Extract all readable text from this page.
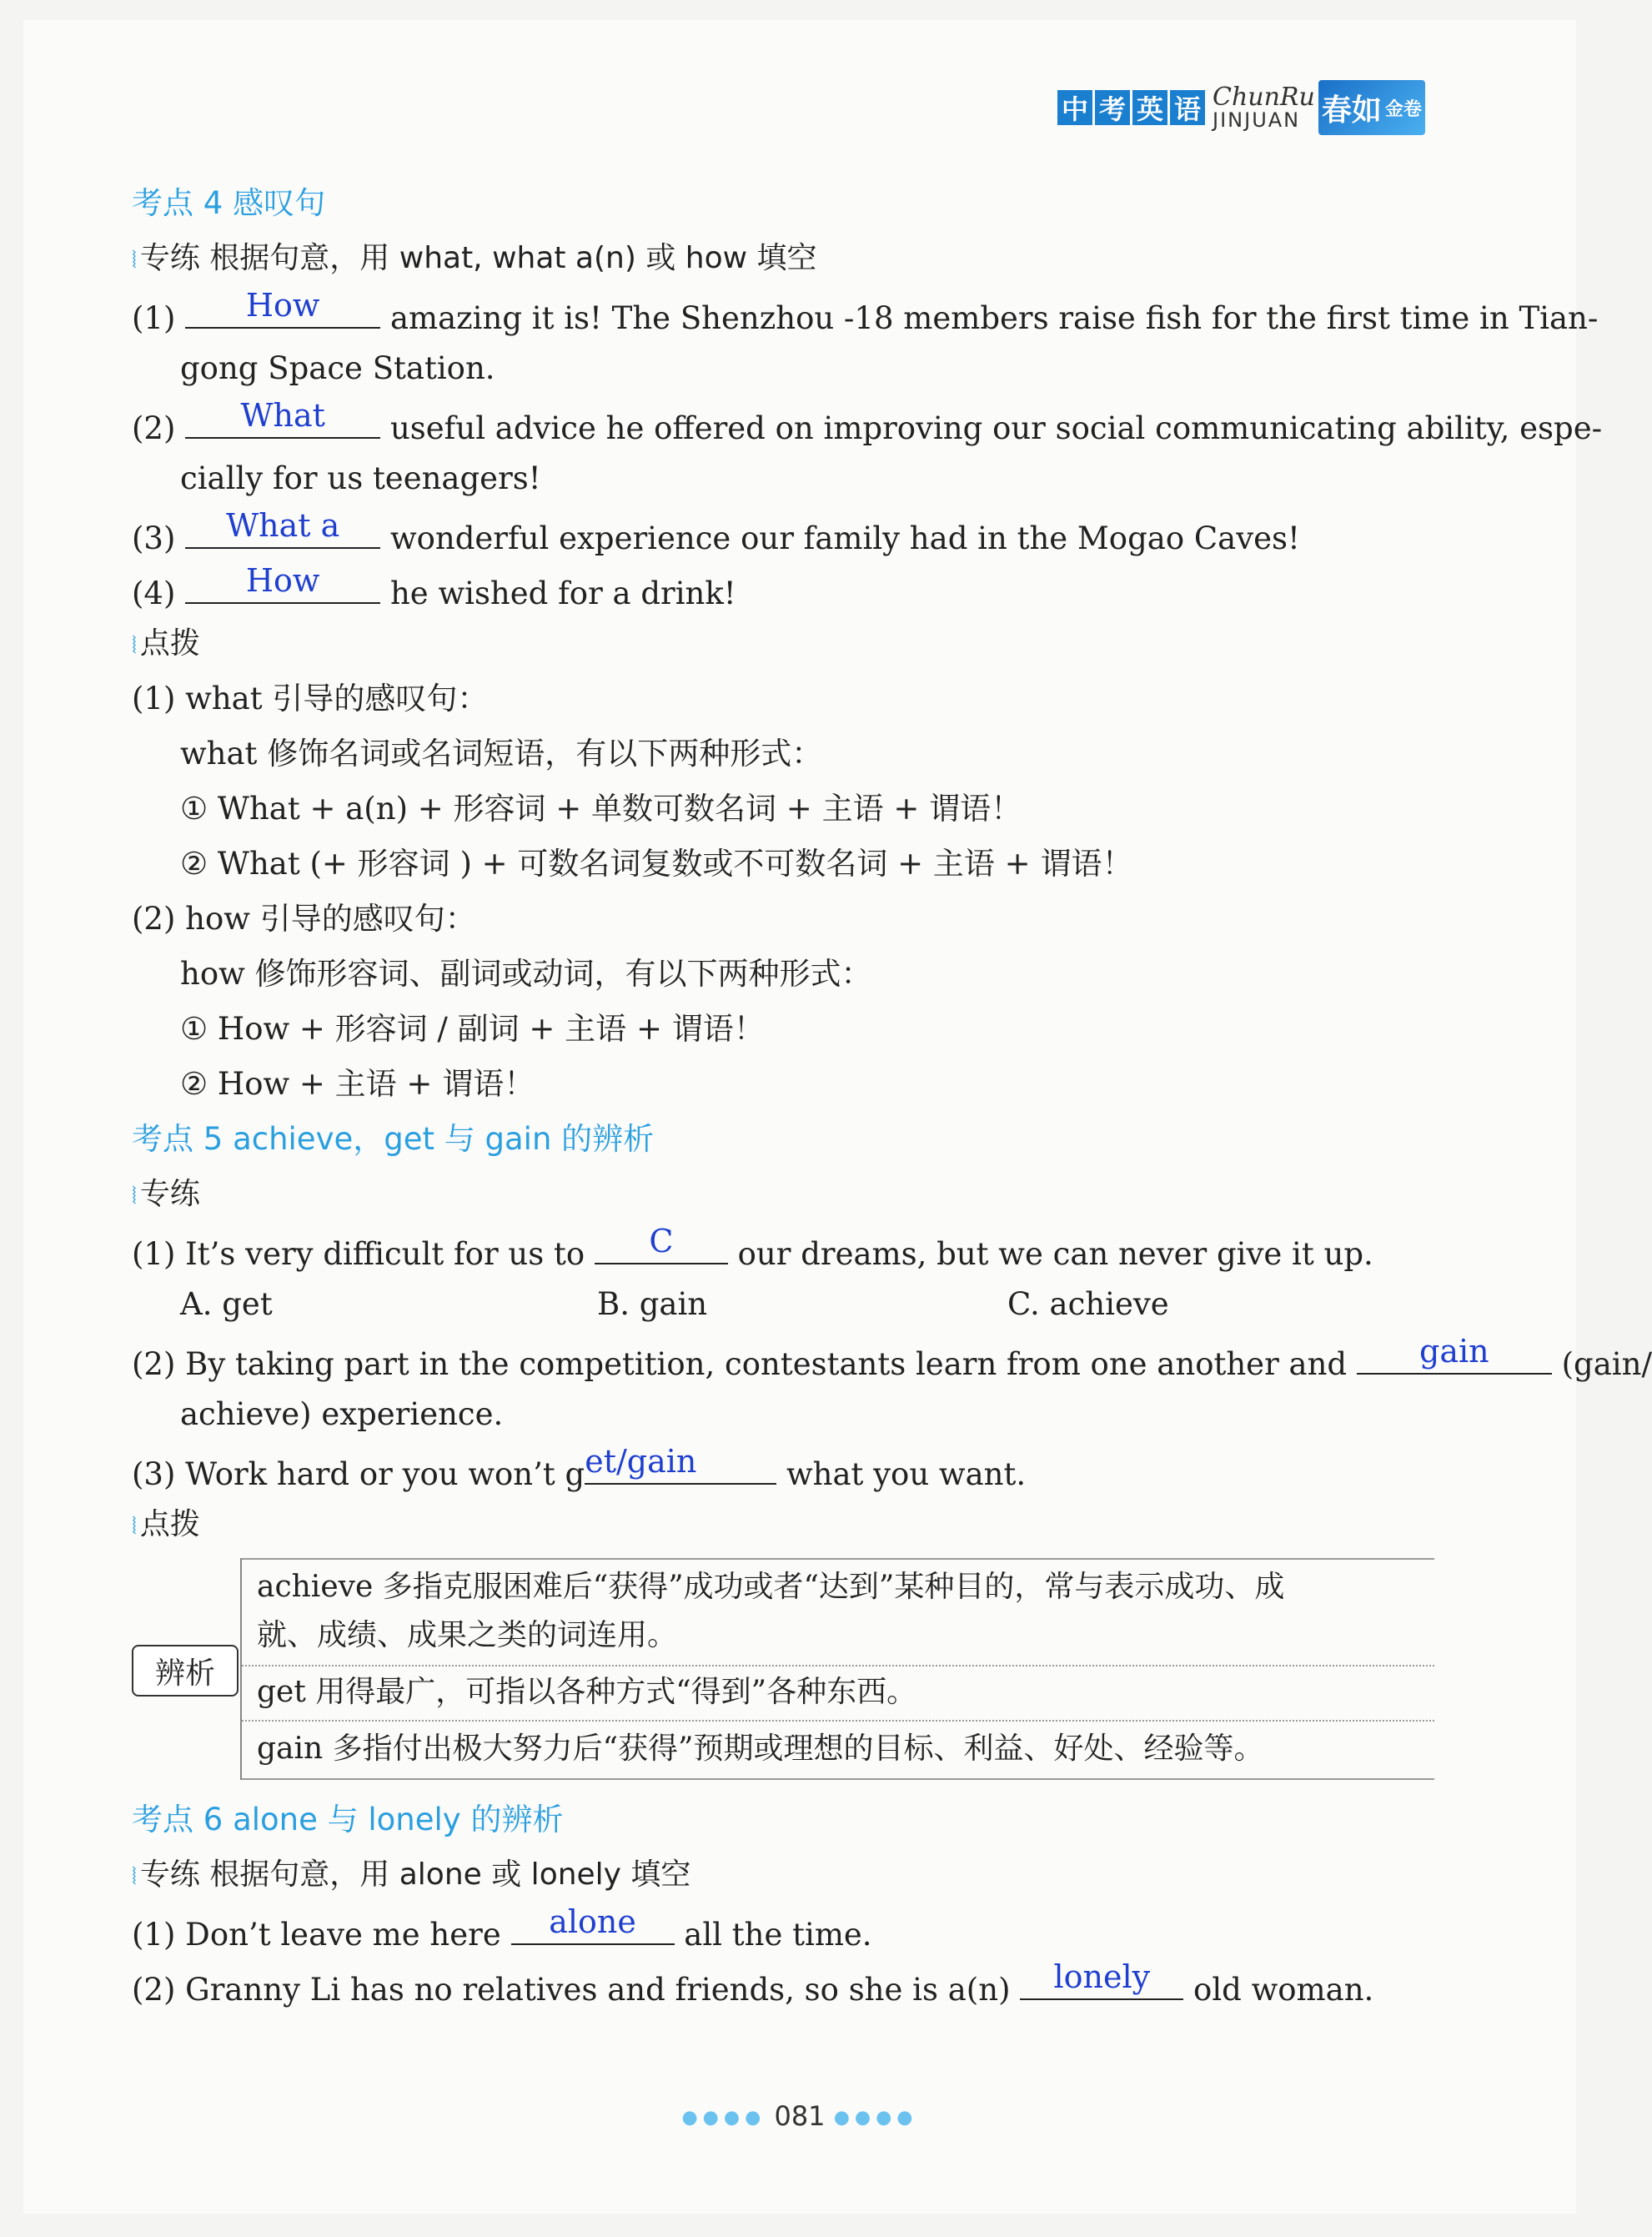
中 考 英 语 ChunRu
JINJUAN 春如 金卷
考点 4 感叹句
⦚ 专练 根据句意，用 what, what a(n) 或 how 填空
(1)	How	amazing it is! The Shenzhou -18 members raise fish for the first time in Tian-
gong Space Station.
(2)	What	useful advice he offered on improving our social communicating ability, espe-
cially for us teenagers!
(3)	What a	wonderful experience our family had in the Mogao Caves!
(4)	How	he wished for a drink!
⦚ 点拨
(1) what 引导的感叹句：
what 修饰名词或名词短语，有以下两种形式：
① What + a(n) + 形容词 + 单数可数名词 + 主语 + 谓语！
② What (+ 形容词 ) + 可数名词复数或不可数名词 + 主语 + 谓语！
(2) how 引导的感叹句：
how 修饰形容词、副词或动词，有以下两种形式：
① How + 形容词 / 副词 + 主语 + 谓语！
② How + 主语 + 谓语！
考点 5 achieve，get 与 gain 的辨析
⦚ 专练
(1) It’s very difficult for us to	C	our dreams, but we can never give it up.
A. get	B. gain	C. achieve
(2) By taking part in the competition, contestants learn from one another and	gain	(gain/
achieve) experience.
(3) Work hard or you won’t g et/gain	what you want.
⦚ 点拨
辨析
achieve 多指克服困难后“获得”成功或者“达到”某种目的，常与表示成功、成
就、成绩、成果之类的词连用。
get 用得最广，可指以各种方式“得到”各种东西。
gain 多指付出极大努力后“获得”预期或理想的目标、利益、好处、经验等。
考点 6 alone 与 lonely 的辨析
⦚ 专练 根据句意，用 alone 或 lonely 填空
(1) Don’t leave me here	alone	all the time.
(2) Granny Li has no relatives and friends, so she is a(n)	lonely	old woman.
●●●● 081 ●●●●
